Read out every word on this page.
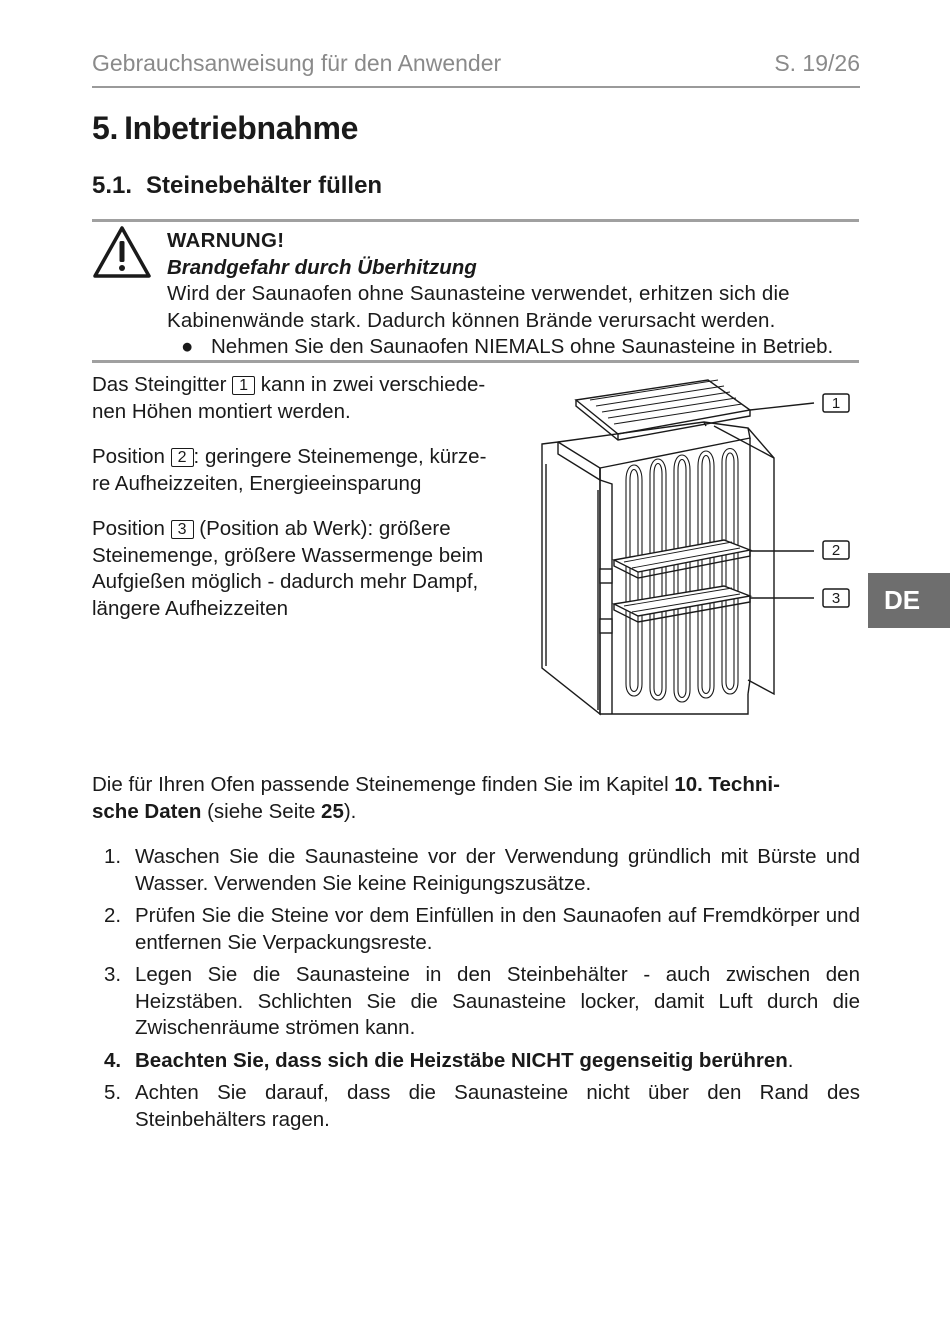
Gebrauchsanweisung für den Anwender	S. 19/26
5. Inbetriebnahme
5.1. Steinebehälter füllen
WARNUNG!
Brandgefahr durch Überhitzung
Wird der Saunaofen ohne Saunasteine verwendet, erhitzen sich die
Kabinenwände stark. Dadurch können Brände verursacht werden.
● Nehmen Sie den Saunaofen NIEMALS ohne Saunasteine in Betrieb.

Das Steingitter 1 kann in zwei verschiede-
nen Höhen montiert werden.

Position 2 : geringere Steinemenge, kürze-
re Aufheizzeiten, Energieeinsparung

Position 3 (Position ab Werk): größere
Steinemenge, größere Wassermenge beim
Aufgießen möglich - dadurch mehr Dampf,
längere Aufheizzeiten

1
2
3 DE
Die für Ihren Ofen passende Steinemenge finden Sie im Kapitel 10. Techni-
sche Daten (siehe Seite 25).
1. Waschen Sie die Saunasteine vor der Verwendung gründlich mit Bürste und Wasser. Verwenden Sie keine Reinigungszusätze.
2. Prüfen Sie die Steine vor dem Einfüllen in den Saunaofen auf Fremdkörper und entfernen Sie Verpackungsreste.
3. Legen Sie die Saunasteine in den Steinbehälter - auch zwischen den Heizstäben. Schlichten Sie die Saunasteine locker, damit Luft durch die Zwischenräume strömen kann.
4. Beachten Sie, dass sich die Heizstäbe NICHT gegenseitig berühren.
5. Achten Sie darauf, dass die Saunasteine nicht über den Rand des Steinbehälters ragen.
